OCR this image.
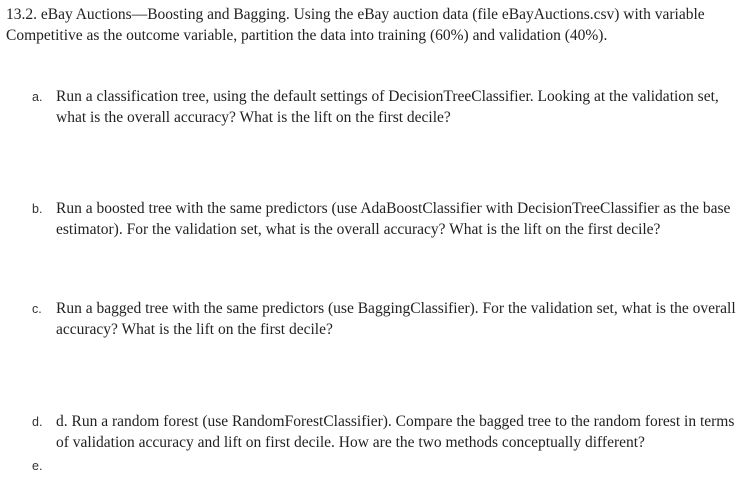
13.2. eBay Auctions—Boosting and Bagging. Using the eBay auction data (file eBayAuctions.csv) with variable Competitive as the outcome variable, partition the data into training (60%) and validation (40%).

a. Run a classification tree, using the default settings of DecisionTreeClassifier. Looking at the validation set, what is the overall accuracy? What is the lift on the first decile?
b. Run a boosted tree with the same predictors (use AdaBoostClassifier with DecisionTreeClassifier as the base estimator). For the validation set, what is the overall accuracy? What is the lift on the first decile?
c. Run a bagged tree with the same predictors (use BaggingClassifier). For the validation set, what is the overall accuracy? What is the lift on the first decile?
d. d. Run a random forest (use RandomForestClassifier). Compare the bagged tree to the random forest in terms of validation accuracy and lift on first decile. How are the two methods conceptually different?
e.
